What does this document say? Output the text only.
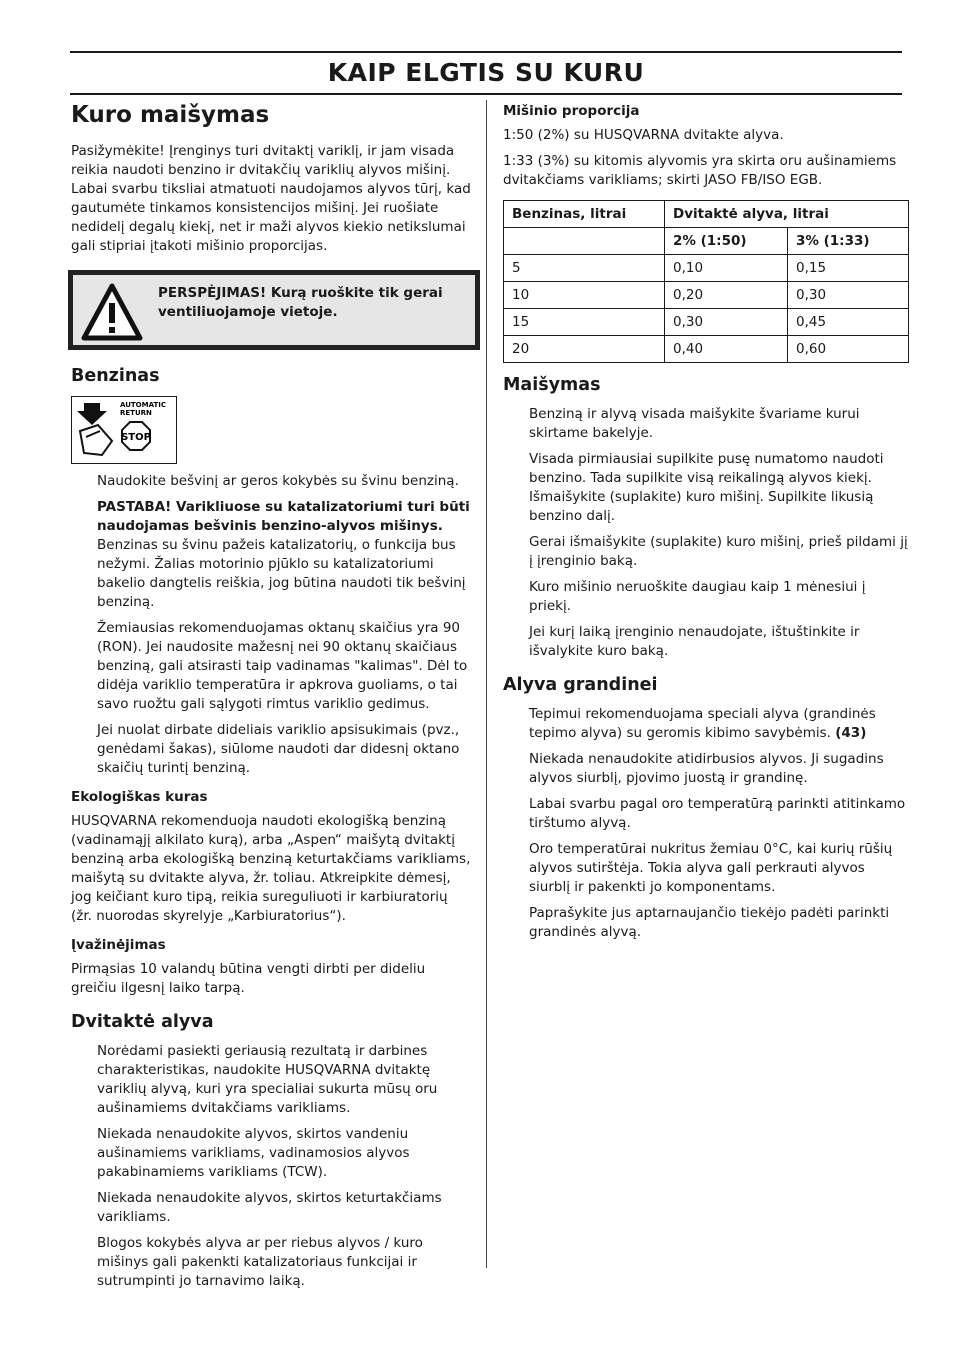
KAIP ELGTIS SU KURU
Kuro maišymas

Pasižymėkite! Įrenginys turi dvitaktį variklį, ir jam visada reikia naudoti benzino ir dvitakčių variklių alyvos mišinį. Labai svarbu tiksliai atmatuoti naudojamos alyvos tūrį, kad gautumėte tinkamos konsistencijos mišinį. Jei ruošiate nedidelį degalų kiekį, net ir maži alyvos kiekio netikslumai gali stipriai įtakoti mišinio proporcijas.

PERSPĖJIMAS! Kurą ruoškite tik gerai ventiliuojamoje vietoje.
Benzinas
AUTOMATIC
RETURN
STOP

Naudokite bešvinį ar geros kokybės su švinu benziną.

PASTABA! Varikliuose su katalizatoriumi turi būti naudojamas bešvinis benzino-alyvos mišinys. Benzinas su švinu pažeis katalizatorių, o funkcija bus nežymi. Žalias motorinio pjūklo su katalizatoriumi bakelio dangtelis reiškia, jog būtina naudoti tik bešvinį benziną.

Žemiausias rekomenduojamas oktanų skaičius yra 90 (RON). Jei naudosite mažesnį nei 90 oktanų skaičiaus benziną, gali atsirasti taip vadinamas "kalimas". Dėl to didėja variklio temperatūra ir apkrova guoliams, o tai savo ruožtu gali sąlygoti rimtus variklio gedimus.

Jei nuolat dirbate dideliais variklio apsisukimais (pvz., genėdami šakas), siūlome naudoti dar didesnį oktano skaičių turintį benziną.

Ekologiškas kuras

HUSQVARNA rekomenduoja naudoti ekologišką benziną (vadinamąjį alkilato kurą), arba „Aspen“ maišytą dvitaktį benziną arba ekologišką benziną keturtakčiams varikliams, maišytą su dvitakte alyva, žr. toliau. Atkreipkite dėmesį, jog keičiant kuro tipą, reikia sureguliuoti ir karbiuratorių (žr. nuorodas skyrelyje „Karbiuratorius“).

Įvažinėjimas

Pirmąsias 10 valandų būtina vengti dirbti per dideliu greičiu ilgesnį laiko tarpą.

Dvitaktė alyva

Norėdami pasiekti geriausią rezultatą ir darbines charakteristikas, naudokite HUSQVARNA dvitaktę variklių alyvą, kuri yra specialiai sukurta mūsų oru aušinamiems dvitakčiams varikliams.

Niekada nenaudokite alyvos, skirtos vandeniu aušinamiems varikliams, vadinamosios alyvos pakabinamiems varikliams (TCW).

Niekada nenaudokite alyvos, skirtos keturtakčiams varikliams.

Blogos kokybės alyva ar per riebus alyvos / kuro mišinys gali pakenkti katalizatoriaus funkcijai ir sutrumpinti jo tarnavimo laiką.

Mišinio proporcija

1:50 (2%) su HUSQVARNA dvitakte alyva.

1:33 (3%) su kitomis alyvomis yra skirta oru aušinamiems dvitakčiams varikliams; skirti JASO FB/ISO EGB.

Benzinas, litrai	Dvitaktė alyva, litrai	
	2% (1:50)	3% (1:33)
5	0,10	0,15
10	0,20	0,30
15	0,30	0,45
20	0,40	0,60
Maišymas

Benziną ir alyvą visada maišykite švariame kurui skirtame bakelyje.

Visada pirmiausiai supilkite pusę numatomo naudoti benzino. Tada supilkite visą reikalingą alyvos kiekį. Išmaišykite (suplakite) kuro mišinį. Supilkite likusią benzino dalį.

Gerai išmaišykite (suplakite) kuro mišinį, prieš pildami jį į įrenginio baką.

Kuro mišinio neruoškite daugiau kaip 1 mėnesiui į priekį.

Jei kurį laiką įrenginio nenaudojate, ištuštinkite ir išvalykite kuro baką.

Alyva grandinei

Tepimui rekomenduojama speciali alyva (grandinės tepimo alyva) su geromis kibimo savybėmis. (43)

Niekada nenaudokite atidirbusios alyvos. Ji sugadins alyvos siurblį, pjovimo juostą ir grandinę.

Labai svarbu pagal oro temperatūrą parinkti atitinkamo tirštumo alyvą.

Oro temperatūrai nukritus žemiau 0°C, kai kurių rūšių alyvos sutirštėja. Tokia alyva gali perkrauti alyvos siurblį ir pakenkti jo komponentams.

Paprašykite jus aptarnaujančio tiekėjo padėti parinkti grandinės alyvą.
